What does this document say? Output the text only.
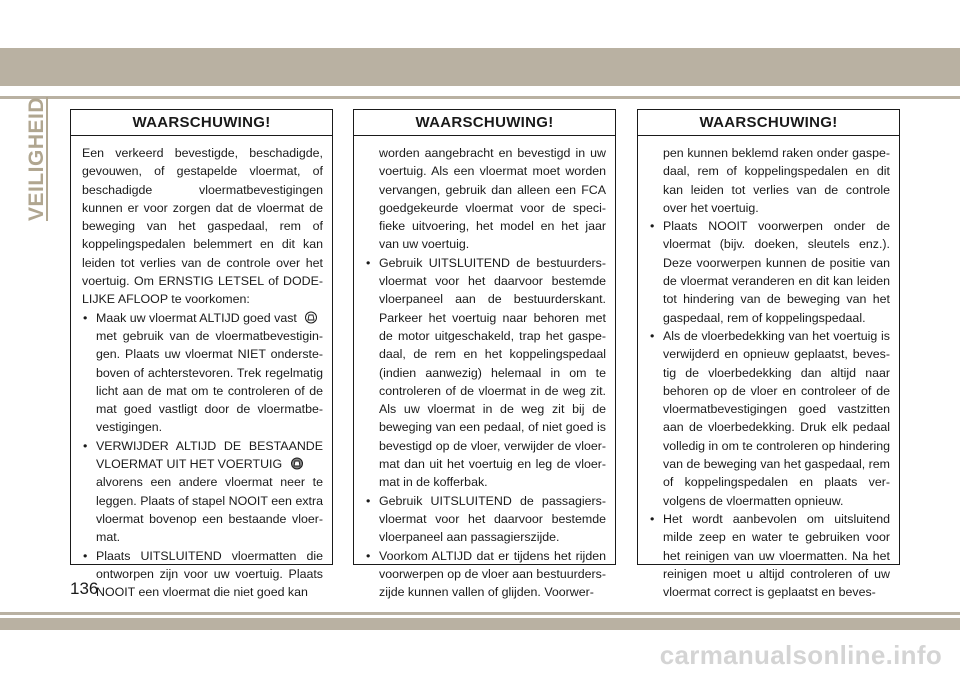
VEILIGHEID	WAARSCHUWING!

Een verkeerd bevestigde, beschadigde, gevouwen, of gestapelde vloermat, of beschadigde vloermatbevestigingen kunnen er voor zorgen dat de vloermat de beweging van het gaspedaal, rem of koppelingspedalen belemmert en dit kan leiden tot verlies van de controle over het voertuig. Om ERNSTIG LETSEL of DODELIJKE AFLOOP te voorkomen:

• Maak uw vloermat ALTIJD goed vast
met gebruik van de vloermatbevestigingen. Plaats uw vloermat NIET ondersteboven of achterstevoren. Trek regelmatig licht aan de mat om te controleren of de mat goed vastligt door de vloermatbevestigingen.
• VERWIJDER ALTIJD DE BESTAANDE VLOERMAT UIT HET VOERTUIG
alvorens een andere vloermat neer te leggen. Plaats of stapel NOOIT een extra vloermat bovenop een bestaande vloermat.
• Plaats UITSLUITEND vloermatten die ontworpen zijn voor uw voertuig. Plaats NOOIT een vloermat die niet goed kan
WAARSCHUWING!

worden aangebracht en bevestigd in uw voertuig. Als een vloermat moet worden vervangen, gebruik dan alleen een FCA goedgekeurde vloermat voor de specifieke uitvoering, het model en het jaar van uw voertuig.

• Gebruik UITSLUITEND de bestuurdersvloermat voor het daarvoor bestemde vloerpaneel aan de bestuurderskant. Parkeer het voertuig naar behoren met de motor uitgeschakeld, trap het gaspedaal, de rem en het koppelingspedaal (indien aanwezig) helemaal in om te controleren of de vloermat in de weg zit. Als uw vloermat in de weg zit bij de beweging van een pedaal, of niet goed is bevestigd op de vloer, verwijder de vloermat dan uit het voertuig en leg de vloermat in de kofferbak.
• Gebruik UITSLUITEND de passagiersvloermat voor het daarvoor bestemde vloerpaneel aan passagierszijde.
• Voorkom ALTIJD dat er tijdens het rijden voorwerpen op de vloer aan bestuurderszijde kunnen vallen of glijden. Voorwer-
WAARSCHUWING!

pen kunnen beklemd raken onder gaspedaal, rem of koppelingspedalen en dit kan leiden tot verlies van de controle over het voertuig.

• Plaats NOOIT voorwerpen onder de vloermat (bijv. doeken, sleutels enz.). Deze voorwerpen kunnen de positie van de vloermat veranderen en dit kan leiden tot hindering van de beweging van het gaspedaal, rem of koppelingspedaal.
• Als de vloerbedekking van het voertuig is verwijderd en opnieuw geplaatst, bevestig de vloerbedekking dan altijd naar behoren op de vloer en controleer of de vloermatbevestigingen goed vastzitten aan de vloerbedekking. Druk elk pedaal volledig in om te controleren op hindering van de beweging van het gaspedaal, rem of koppelingspedalen en plaats vervolgens de vloermatten opnieuw.
• Het wordt aanbevolen om uitsluitend milde zeep en water te gebruiken voor het reinigen van uw vloermatten. Na het reinigen moet u altijd controleren of uw vloermat correct is geplaatst en beves-
136
carmanualsonline.info
